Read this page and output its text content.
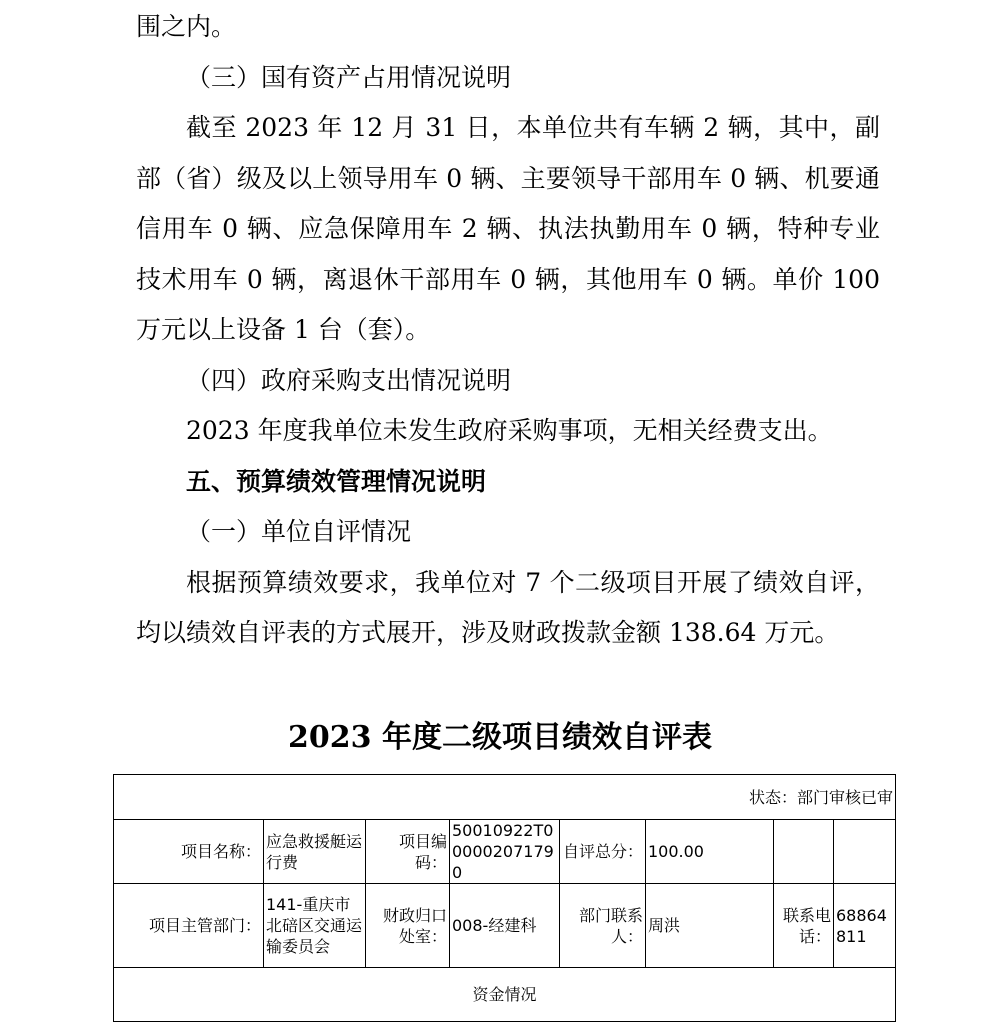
围之内。

（三）国有资产占用情况说明

截至 2023 年 12 月 31 日，本单位共有车辆 2 辆，其中，副部（省）级及以上领导用车 0 辆、主要领导干部用车 0 辆、机要通信用车 0 辆、应急保障用车 2 辆、执法执勤用车 0 辆，特种专业技术用车 0 辆，离退休干部用车 0 辆，其他用车 0 辆。单价 100 万元以上设备 1 台（套）。

（四）政府采购支出情况说明

2023 年度我单位未发生政府采购事项，无相关经费支出。

五、预算绩效管理情况说明

（一）单位自评情况

根据预算绩效要求，我单位对 7 个二级项目开展了绩效自评，均以绩效自评表的方式展开，涉及财政拨款金额 138.64 万元。

2023 年度二级项目绩效自评表
状态：部门审核已审							
项目名称：	应急救援艇运行费	项目编码：	50010922T000002071790	自评总分：	100.00		
项目主管部门：	141-重庆市北碚区交通运输委员会	财政归口处室：	008-经建科	部门联系人：	周洪	联系电话：	68864811
资金情况							
